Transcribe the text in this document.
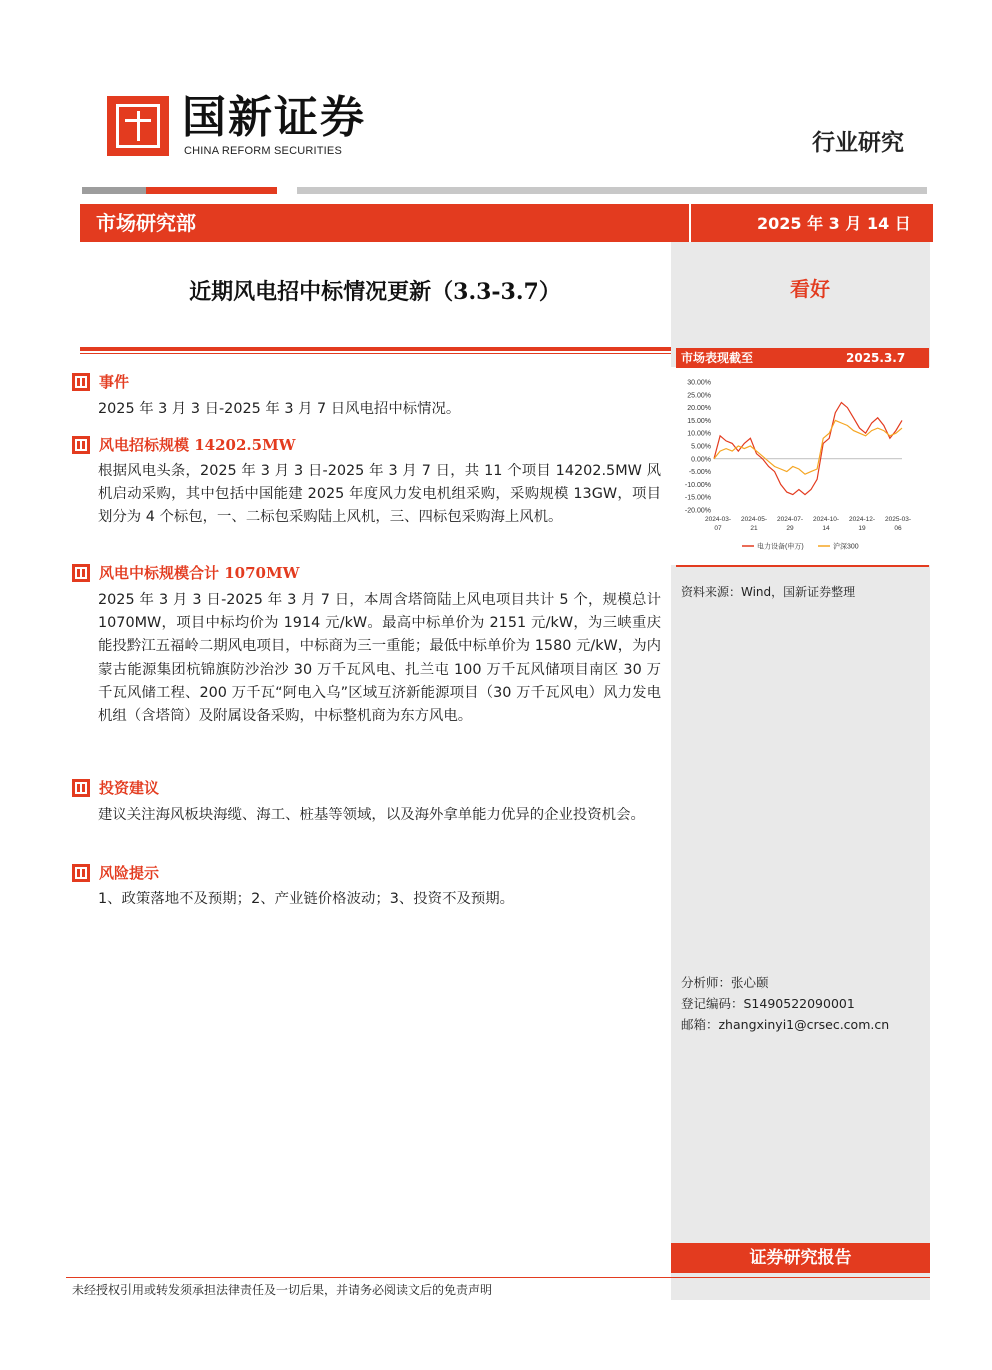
国新证券
CHINA REFORM SECURITIES	行业研究
市场研究部	2025 年 3 月 14 日
近期风电招中标情况更新（3.3-3.7）	看好
市场表现截至	2025.3.7
30.00%
25.00%
20.00%
15.00%
10.00%
5.00%
0.00%
-5.00%
-10.00%
-15.00%
-20.00%
2024-03-07
2024-05-21
2024-07-29
2024-10-14
2024-12-19
2025-03-06
电力设备(申万)	沪深300
资料来源：Wind，国新证券整理
分析师：张心颐
登记编码：S1490522090001
邮箱：zhangxinyi1@crsec.com.cn
事件
2025 年 3 月 3 日-2025 年 3 月 7 日风电招中标情况。
风电招标规模 14202.5MW
根据风电头条，2025 年 3 月 3 日-2025 年 3 月 7 日，共 11 个项目 14202.5MW 风机启动采购，其中包括中国能建 2025 年度风力发电机组采购，采购规模 13GW，项目划分为 4 个标包，一、二标包采购陆上风机，三、四标包采购海上风机。
风电中标规模合计 1070MW
2025 年 3 月 3 日-2025 年 3 月 7 日，本周含塔筒陆上风电项目共计 5 个，规模总计 1070MW，项目中标均价为 1914 元/kW。最高中标单价为 2151 元/kW，为三峡重庆能投黔江五福岭二期风电项目，中标商为三一重能；最低中标单价为 1580 元/kW，为内蒙古能源集团杭锦旗防沙治沙 30 万千瓦风电、扎兰屯 100 万千瓦风储项目南区 30 万千瓦风储工程、200 万千瓦“阿电入乌”区域互济新能源项目（30 万千瓦风电）风力发电机组（含塔筒）及附属设备采购，中标整机商为东方风电。
投资建议
建议关注海风板块海缆、海工、桩基等领域，以及海外拿单能力优异的企业投资机会。
风险提示
1、政策落地不及预期；2、产业链价格波动；3、投资不及预期。
证券研究报告
未经授权引用或转发须承担法律责任及一切后果，并请务必阅读文后的免责声明
